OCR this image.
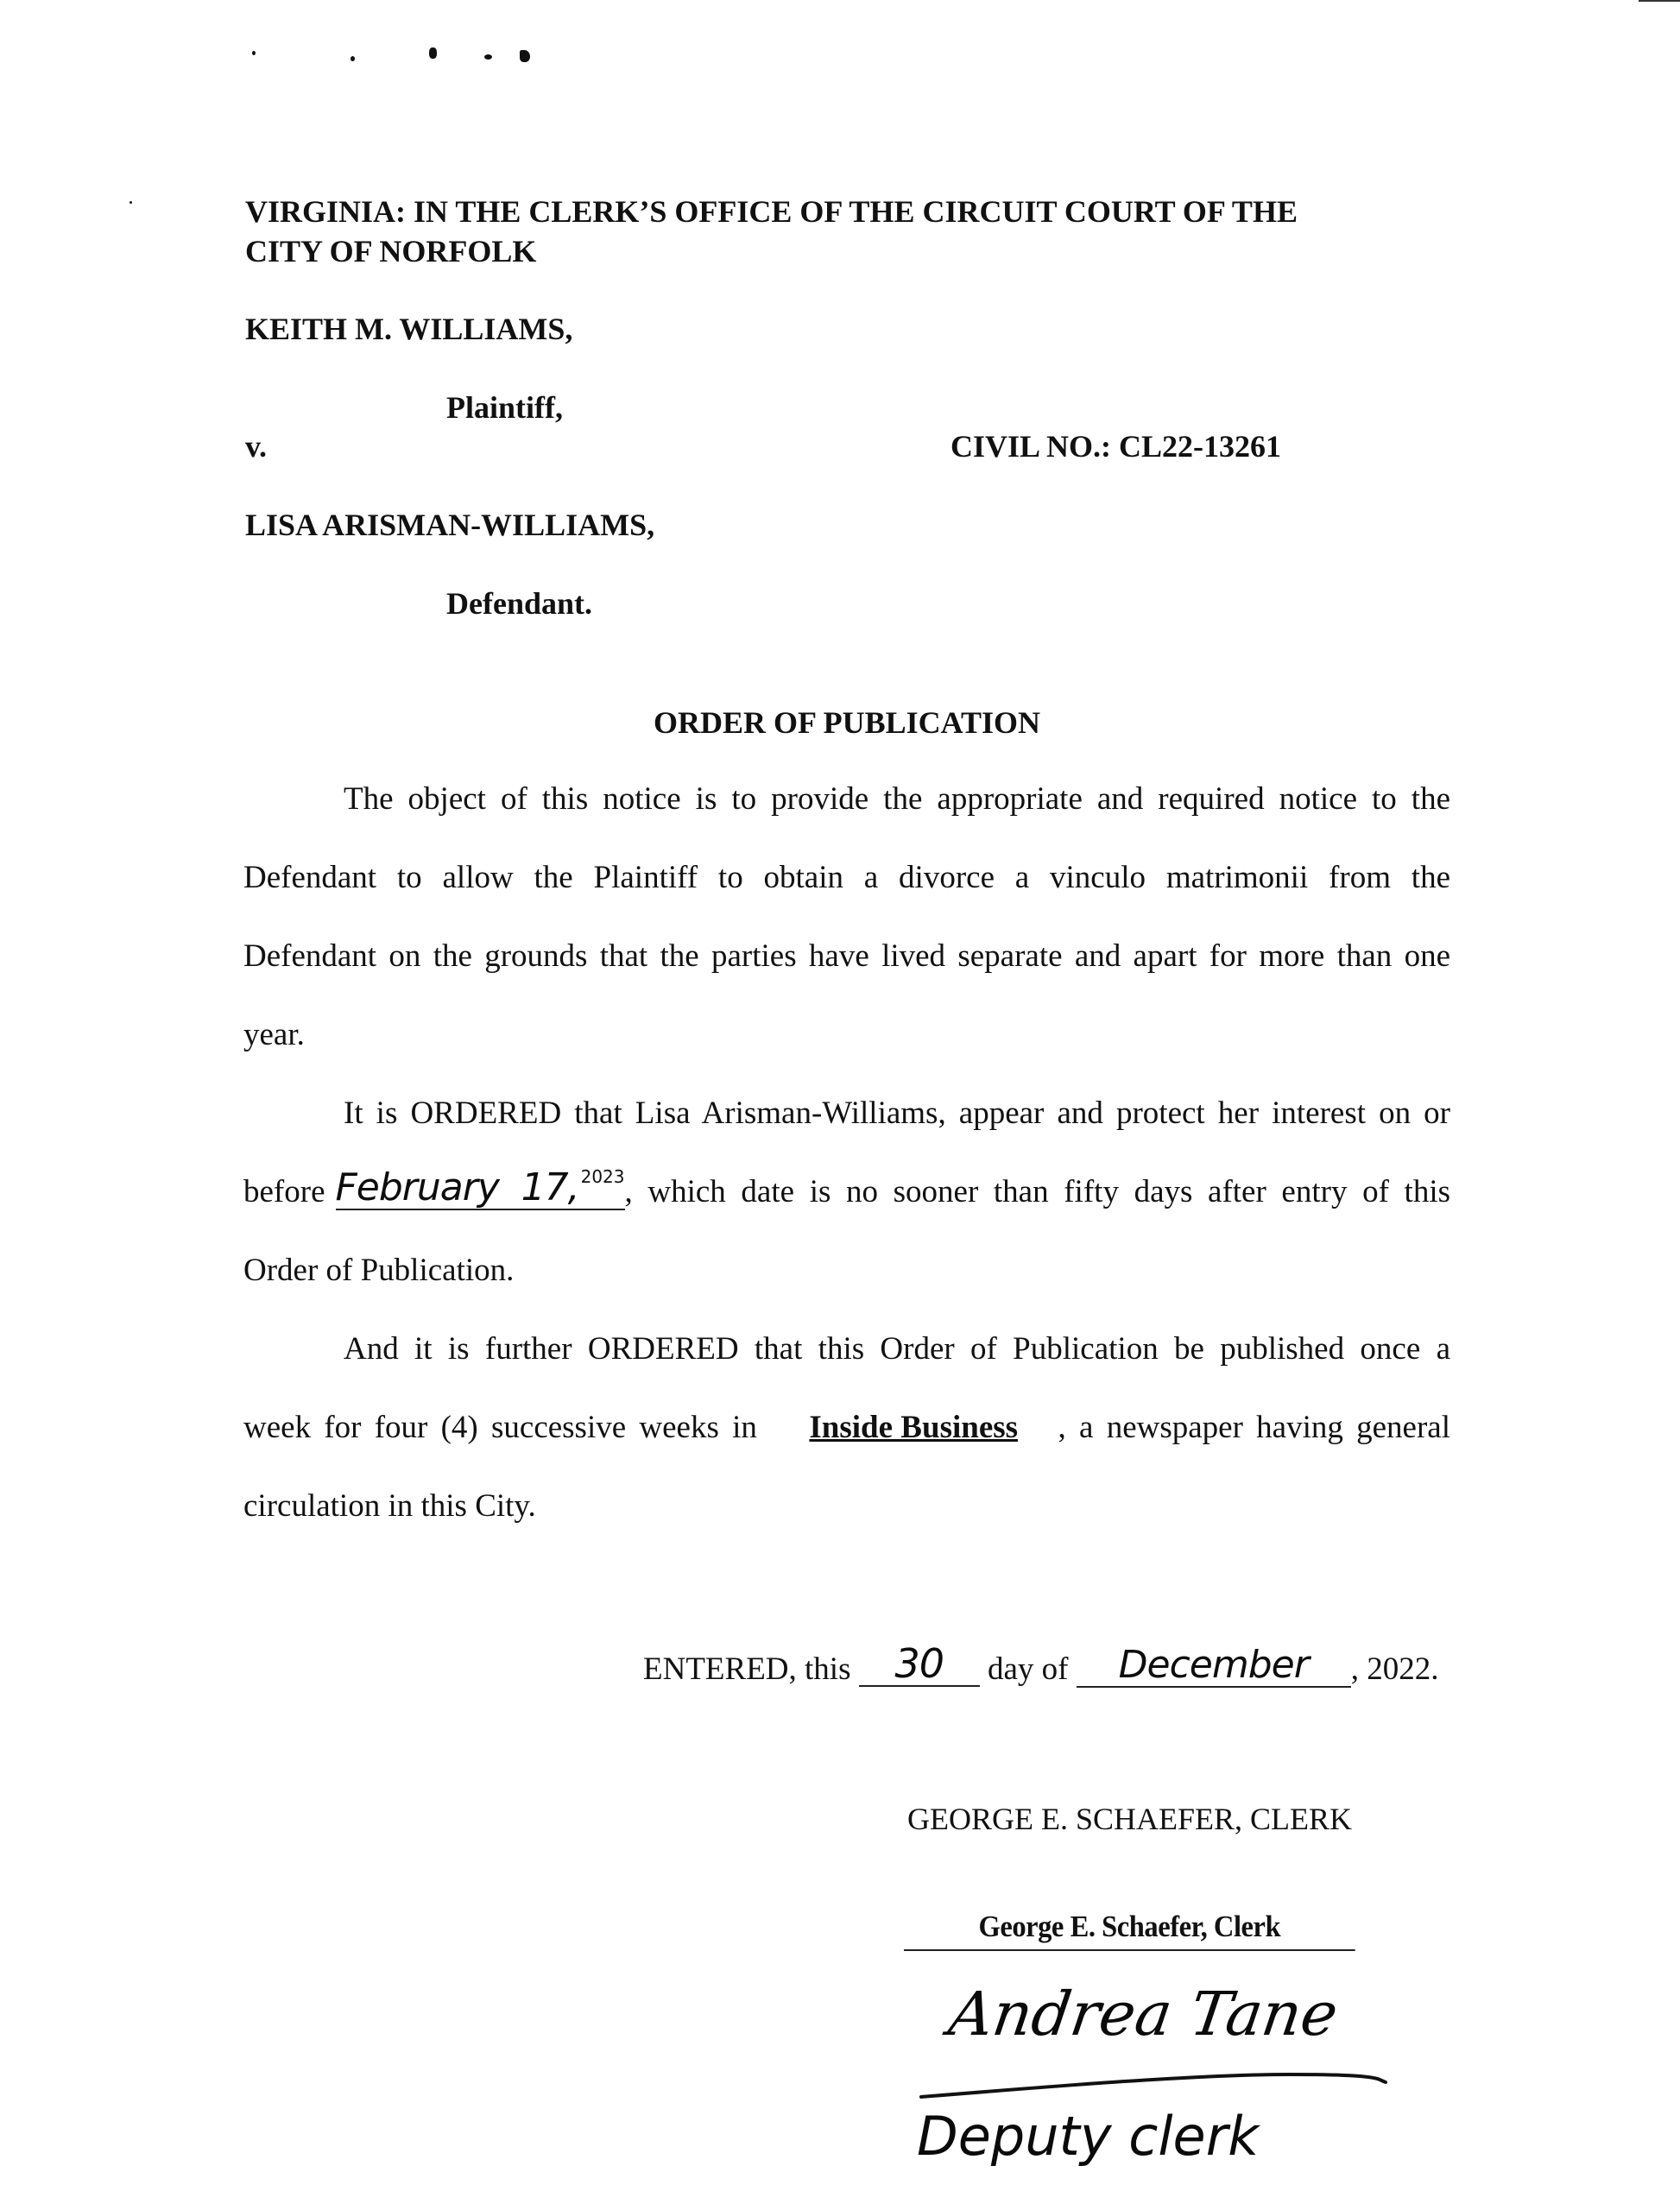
VIRGINIA: IN THE CLERK’S OFFICE OF THE CIRCUIT COURT OF THE
CITY OF NORFOLK
KEITH M. WILLIAMS,
Plaintiff,
v.	CIVIL NO.: CL22-13261
LISA ARISMAN-WILLIAMS,
Defendant.
ORDER OF PUBLICATION
The object of this notice is to provide the appropriate and required notice to the
Defendant to allow the Plaintiff to obtain a divorce a vinculo matrimonii from the
Defendant on the grounds that the parties have lived separate and apart for more than one
year.
It is ORDERED that Lisa Arisman-Williams, appear and protect her interest on or
before February 17, $^{2023}$ , which date is no sooner than fifty days after entry of this
Order of Publication.
And it is further ORDERED that this Order of Publication be published once a
week for four (4) successive weeks in Inside Business , a newspaper having general
circulation in this City.
ENTERED, this 30 day of December , 2022.
GEORGE E. SCHAEFER, CLERK
George E. Schaefer, Clerk
Andrea Tane
Deputy clerk
